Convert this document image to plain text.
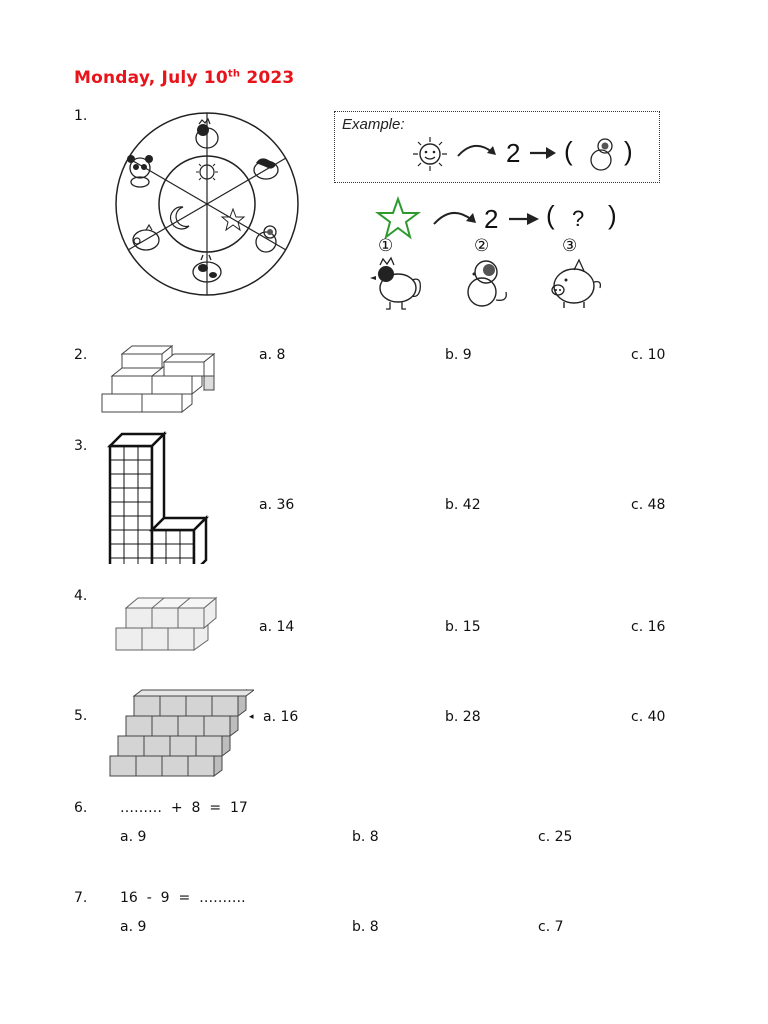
Monday, July 10th 2023
1.	Example:
2 ( )
2 ( ? )
①	②	③
2.	a. 8	b. 9	c. 10
3.
a. 36	b. 42	c. 48
4.
a. 14	b. 15	c. 16
5.	◂ a. 16	b. 28	c. 40
6. ………  +  8  =  17
a. 9	b. 8	c. 25
7. 16  -  9  =  ……….
a. 9	b. 8	c. 7
